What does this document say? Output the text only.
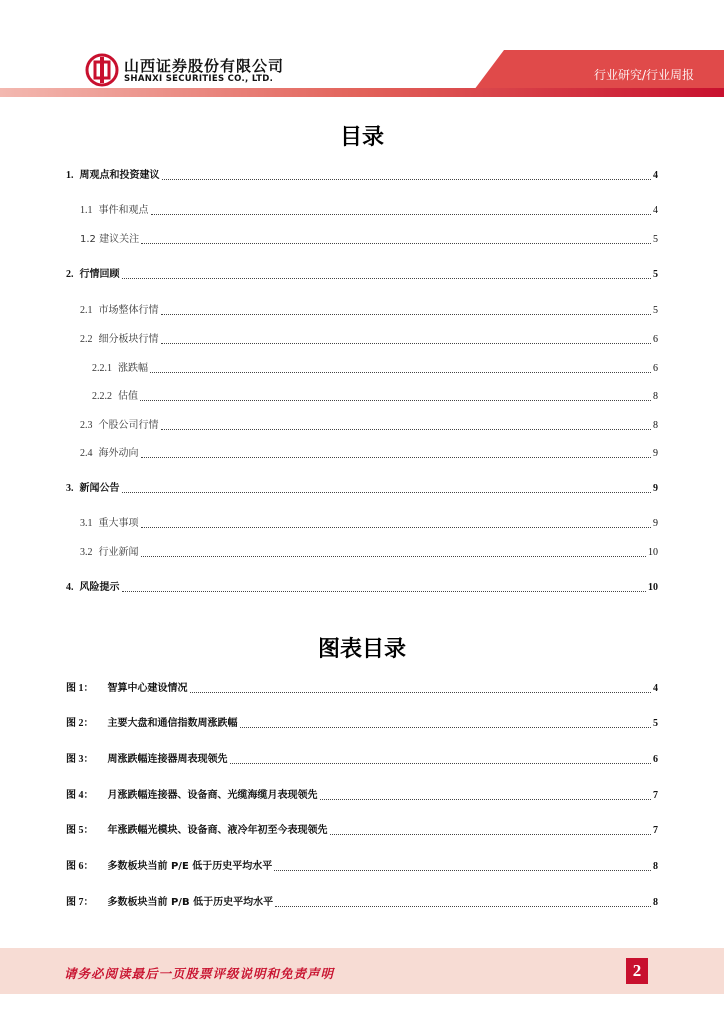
山西证券股份有限公司
SHANXI SECURITIES CO., LTD.	行业研究/行业周报
目录
1. 周观点和投资建议	4
1.1 事件和观点	4
1.2 建议关注	5
2. 行情回顾	5
2.1 市场整体行情	5
2.2 细分板块行情	6
2.2.1 涨跌幅	6
2.2.2 估值	8
2.3 个股公司行情	8
2.4 海外动向	9
3. 新闻公告	9
3.1 重大事项	9
3.2 行业新闻	10
4. 风险提示	10
图表目录
图 1： 智算中心建设情况	4
图 2： 主要大盘和通信指数周涨跌幅	5
图 3： 周涨跌幅连接器周表现领先	6
图 4： 月涨跌幅连接器、设备商、光缆海缆月表现领先	7
图 5： 年涨跌幅光模块、设备商、液冷年初至今表现领先	7
图 6： 多数板块当前 P/E 低于历史平均水平	8
图 7： 多数板块当前 P/B 低于历史平均水平	8
请务必阅读最后一页股票评级说明和免责声明	2
